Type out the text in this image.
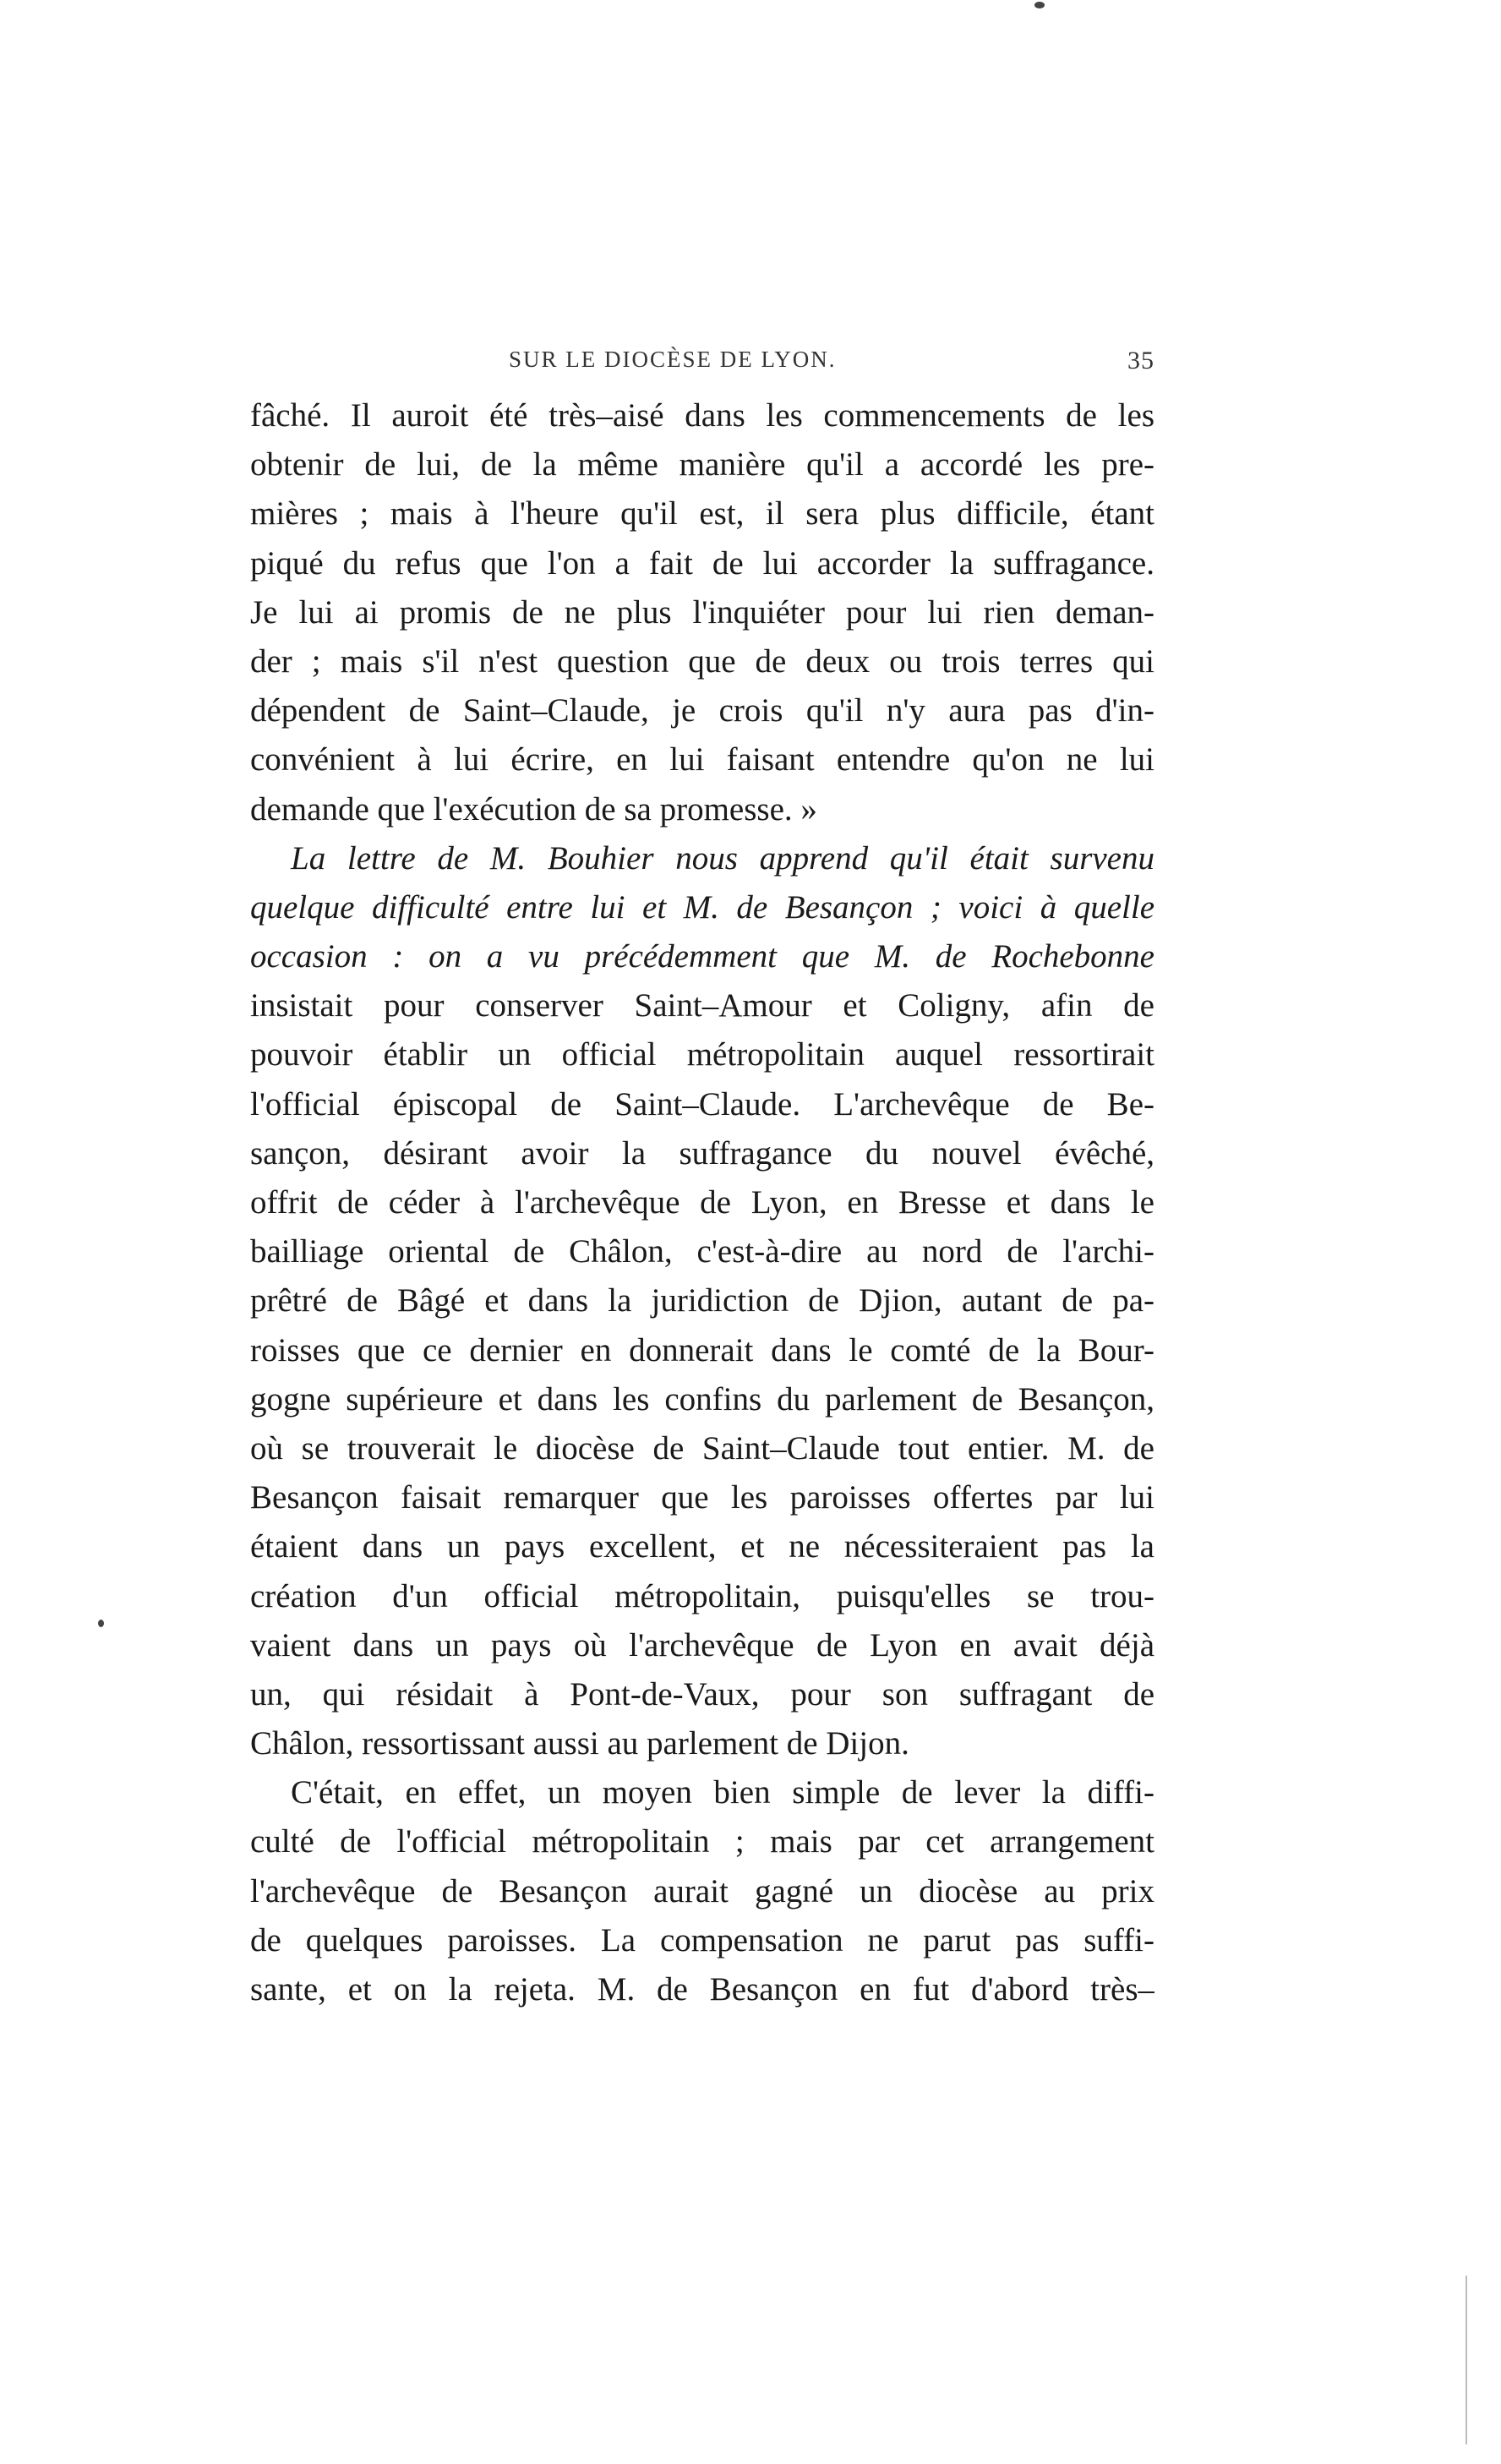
SUR LE DIOCÈSE DE LYON.	35
fâché. Il auroit été très–aisé dans les commencements de les
obtenir de lui, de la même manière qu'il a accordé les pre-
mières ; mais à l'heure qu'il est, il sera plus difficile, étant
piqué du refus que l'on a fait de lui accorder la suffragance.
Je lui ai promis de ne plus l'inquiéter pour lui rien deman-
der ; mais s'il n'est question que de deux ou trois terres qui
dépendent de Saint–Claude, je crois qu'il n'y aura pas d'in-
convénient à lui écrire, en lui faisant entendre qu'on ne lui
demande que l'exécution de sa promesse. »
La lettre de M. Bouhier nous apprend qu'il était survenu
quelque difficulté entre lui et M. de Besançon ; voici à quelle
occasion : on a vu précédemment que M. de Rochebonne
insistait pour conserver Saint–Amour et Coligny, afin de
pouvoir établir un official métropolitain auquel ressortirait
l'official épiscopal de Saint–Claude. L'archevêque de Be-
sançon, désirant avoir la suffragance du nouvel évêché,
offrit de céder à l'archevêque de Lyon, en Bresse et dans le
bailliage oriental de Châlon, c'est-à-dire au nord de l'archi-
prêtré de Bâgé et dans la juridiction de Djion, autant de pa-
roisses que ce dernier en donnerait dans le comté de la Bour-
gogne supérieure et dans les confins du parlement de Besançon,
où se trouverait le diocèse de Saint–Claude tout entier. M. de
Besançon faisait remarquer que les paroisses offertes par lui
étaient dans un pays excellent, et ne nécessiteraient pas la
création d'un official métropolitain, puisqu'elles se trou-
vaient dans un pays où l'archevêque de Lyon en avait déjà
un, qui résidait à Pont-de-Vaux, pour son suffragant de
Châlon, ressortissant aussi au parlement de Dijon.
C'était, en effet, un moyen bien simple de lever la diffi-
culté de l'official métropolitain ; mais par cet arrangement
l'archevêque de Besançon aurait gagné un diocèse au prix
de quelques paroisses. La compensation ne parut pas suffi-
sante, et on la rejeta. M. de Besançon en fut d'abord très–
